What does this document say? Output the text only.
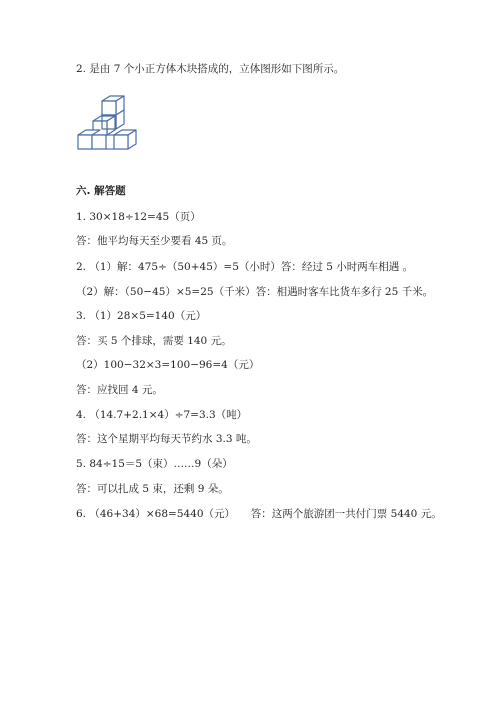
2. 是由 7 个小正方体木块搭成的，立体图形如下图所示。
六. 解答题
1. 30×18÷12=45（页）
答：他平均每天至少要看 45 页。
2. （1）解：475÷（50+45）=5（小时）答：经过 5 小时两车相遇 。
（2）解：（50−45）×5=25（千米）答：相遇时客车比货车多行 25 千米。
3. （1）28×5=140（元）
答：买 5 个排球，需要 140 元。
（2）100−32×3=100−96=4（元）
答：应找回 4 元。
4. （14.7+2.1×4）÷7=3.3（吨）
答：这个星期平均每天节约水 3.3 吨。
5. 84÷15＝5（束）……9（朵）
答：可以扎成 5 束，还剩 9 朵。
6. （46+34）×68=5440（元）　　答：这两个旅游团一共付门票 5440 元。
